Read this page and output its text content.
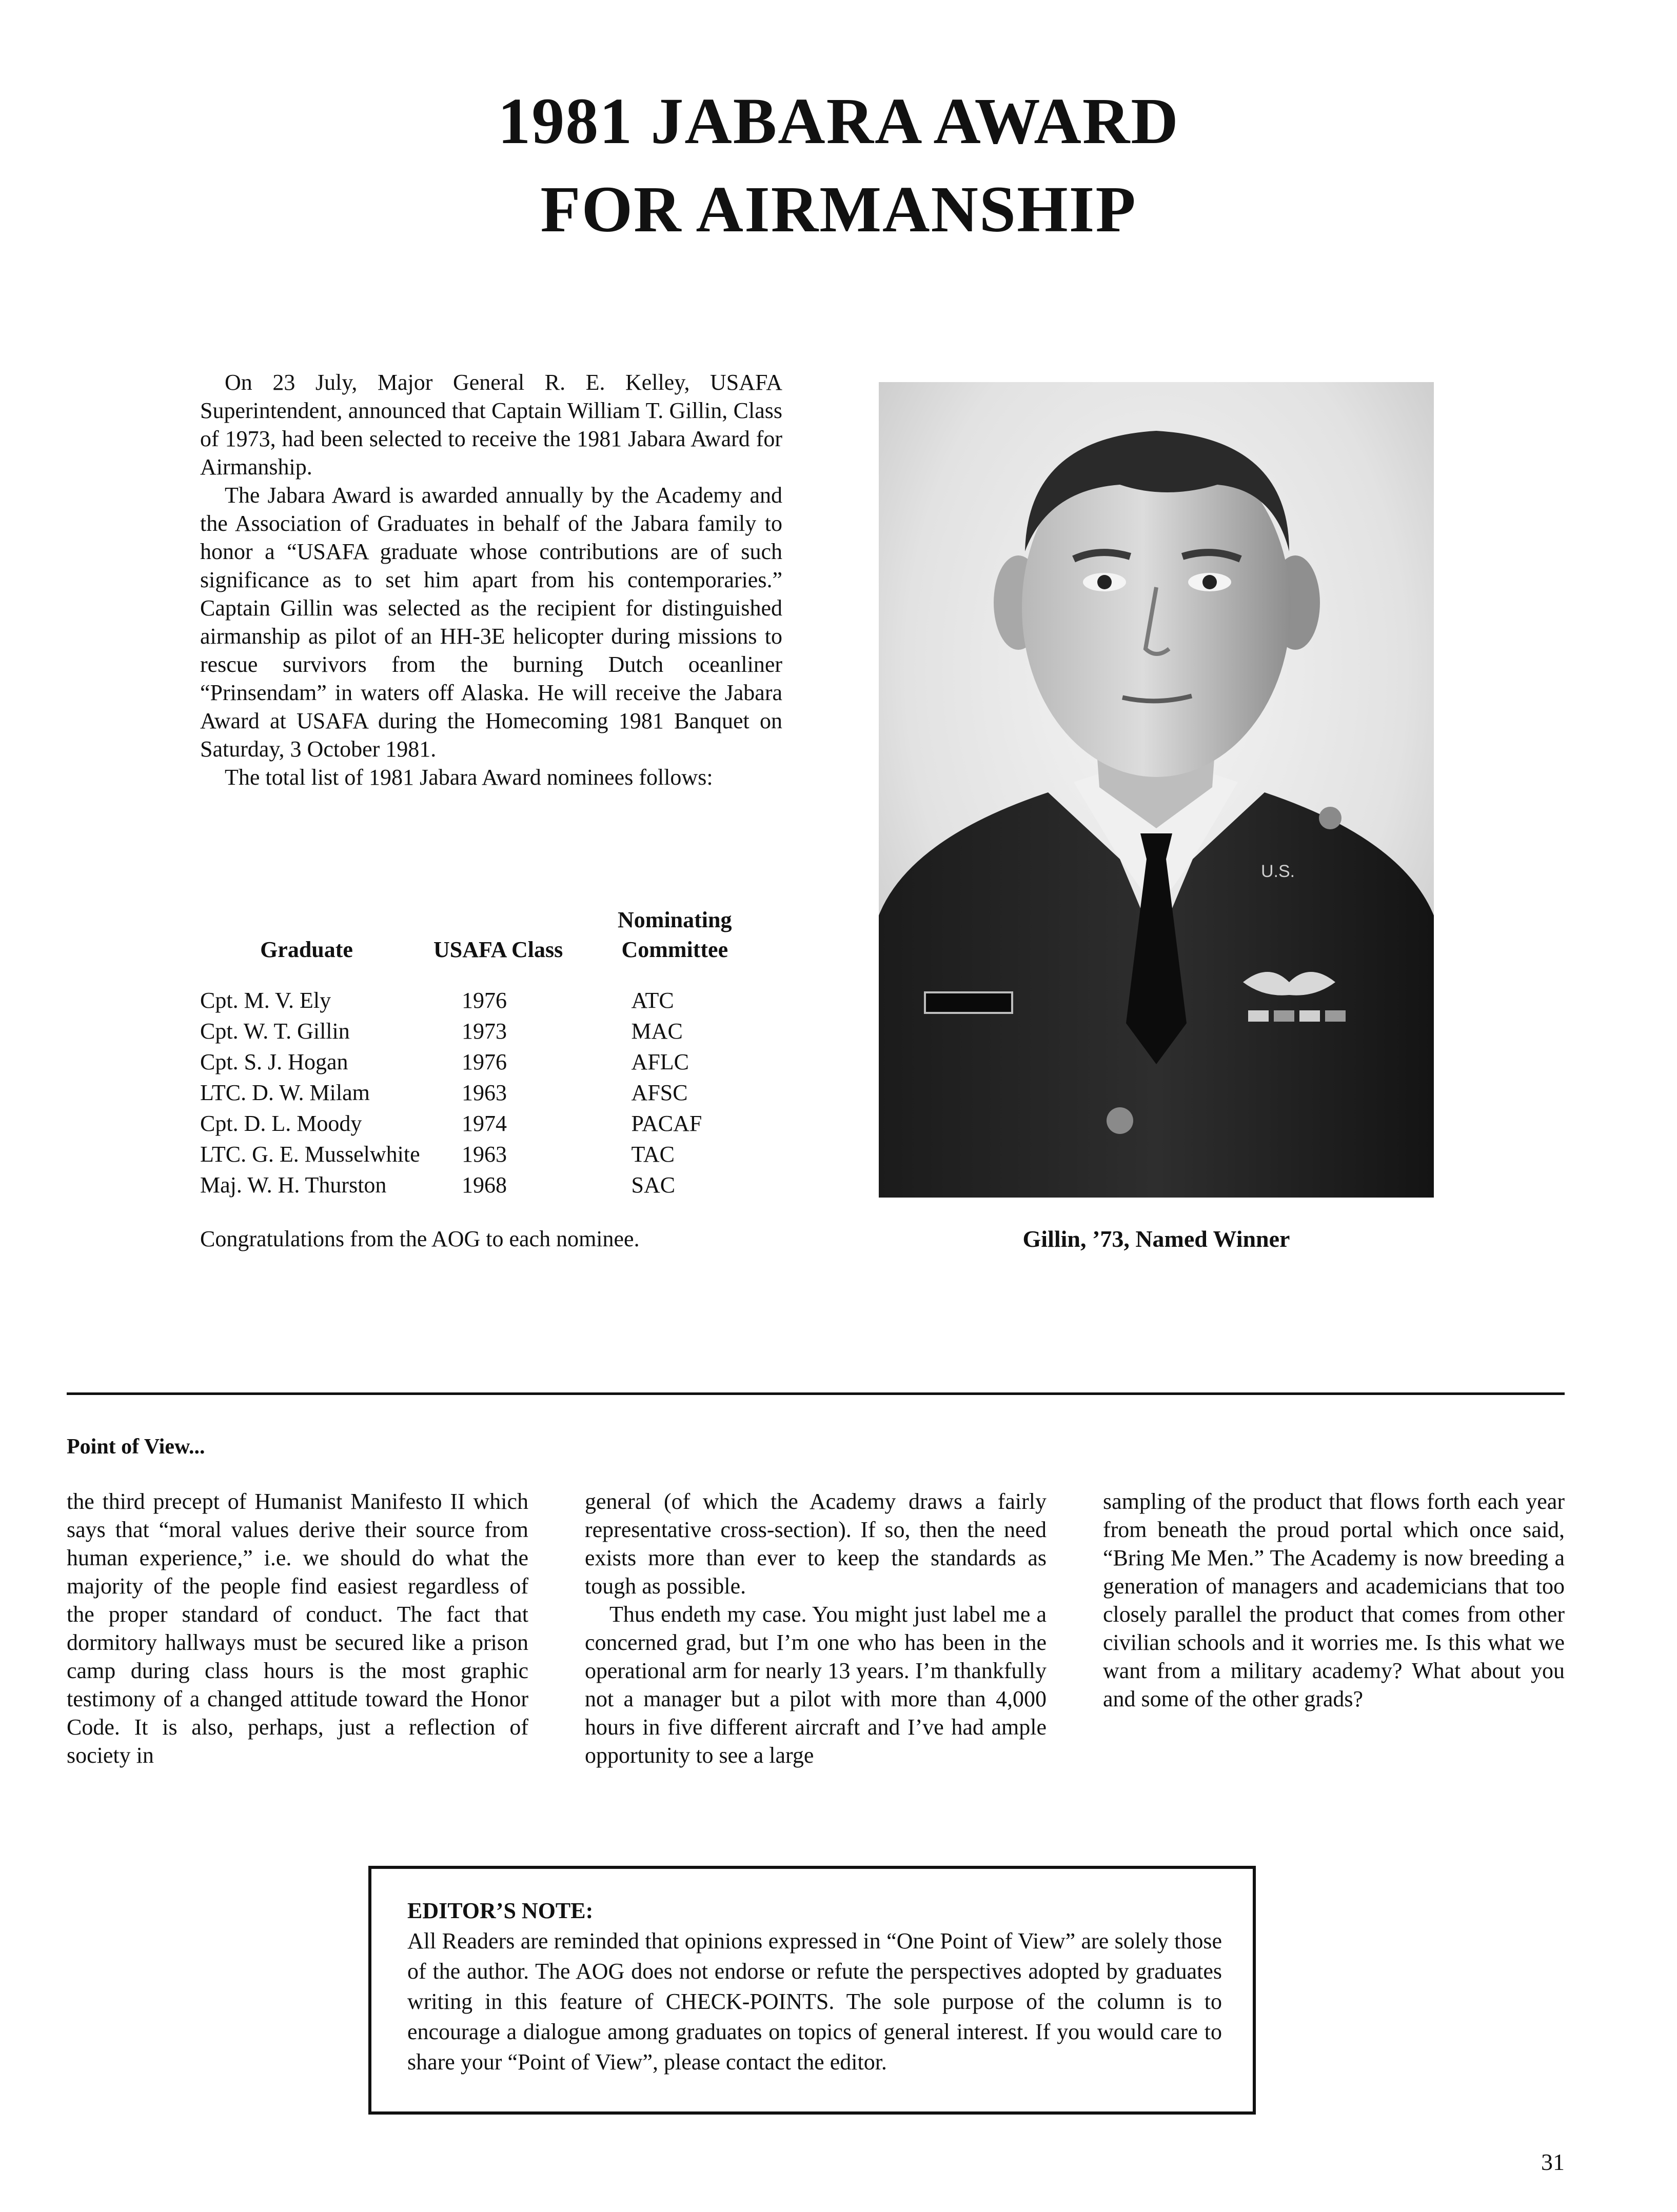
1981 JABARA AWARD
FOR AIRMANSHIP

On 23 July, Major General R. E. Kelley, USAFA Superintendent, announced that Captain William T. Gillin, Class of 1973, had been selected to receive the 1981 Jabara Award for Airmanship.

The Jabara Award is awarded annually by the Academy and the Association of Graduates in behalf of the Jabara family to honor a “USAFA graduate whose contributions are of such significance as to set him apart from his contemporaries.” Captain Gillin was selected as the recipient for distinguished airmanship as pilot of an HH-3E helicopter during missions to rescue survivors from the burning Dutch oceanliner “Prinsendam” in waters off Alaska. He will receive the Jabara Award at USAFA during the Homecoming 1981 Banquet on Saturday, 3 October 1981.

The total list of 1981 Jabara Award nominees follows:

Graduate	USAFA Class	Nominating
Committee
Cpt. M. V. Ely	1976	ATC
Cpt. W. T. Gillin	1973	MAC
Cpt. S. J. Hogan	1976	AFLC
LTC. D. W. Milam	1963	AFSC
Cpt. D. L. Moody	1974	PACAF
LTC. G. E. Musselwhite	1963	TAC
Maj. W. H. Thurston	1968	SAC
Congratulations from the AOG to each nominee.
U.S.
Gillin, ’73, Named Winner
Point of View...

the third precept of Humanist Manifesto II which says that “moral values derive their source from human experience,” i.e. we should do what the majority of the people find easiest regardless of the proper standard of conduct. The fact that dormitory hallways must be secured like a prison camp during class hours is the most graphic testimony of a changed attitude toward the Honor Code. It is also, perhaps, just a reflection of society in

general (of which the Academy draws a fairly representative cross-section). If so, then the need exists more than ever to keep the standards as tough as possible.

Thus endeth my case. You might just label me a concerned grad, but I’m one who has been in the operational arm for nearly 13 years. I’m thankfully not a manager but a pilot with more than 4,000 hours in five different aircraft and I’ve had ample opportunity to see a large

sampling of the product that flows forth each year from beneath the proud portal which once said, “Bring Me Men.” The Academy is now breeding a generation of managers and academicians that too closely parallel the product that comes from other civilian schools and it worries me. Is this what we want from a military academy? What about you and some of the other grads?

EDITOR’S NOTE:

All Readers are reminded that opinions expressed in “One Point of View” are solely those of the author. The AOG does not endorse or refute the perspectives adopted by graduates writing in this feature of CHECK-POINTS. The sole purpose of the column is to encourage a dialogue among graduates on topics of general interest. If you would care to share your “Point of View”, please contact the editor.

31
